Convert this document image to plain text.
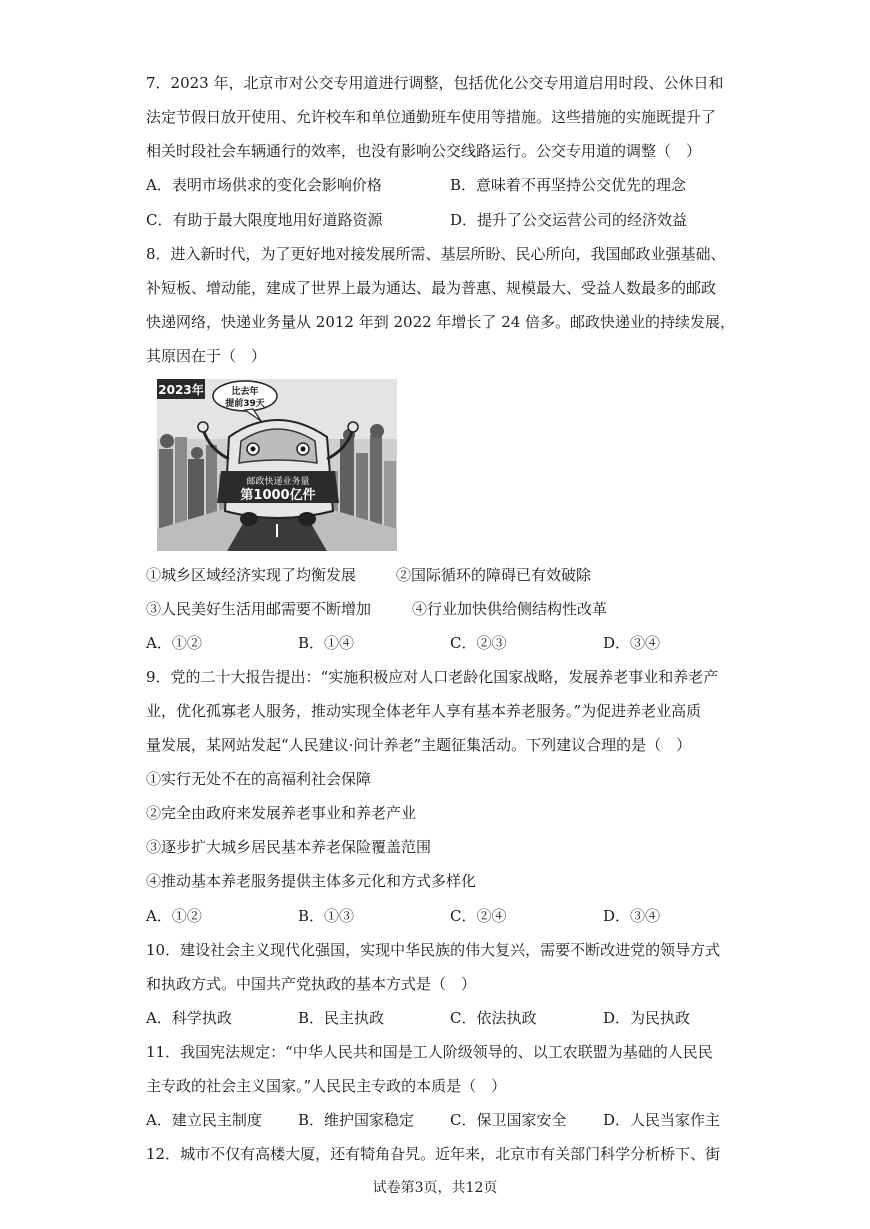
7．2023 年，北京市对公交专用道进行调整，包括优化公交专用道启用时段、公休日和
法定节假日放开使用、允许校车和单位通勤班车使用等措施。这些措施的实施既提升了
相关时段社会车辆通行的效率，也没有影响公交线路运行。公交专用道的调整（　）
A．表明市场供求的变化会影响价格	B．意味着不再坚持公交优先的理念
C．有助于最大限度地用好道路资源	D．提升了公交运营公司的经济效益
8．进入新时代，为了更好地对接发展所需、基层所盼、民心所向，我国邮政业强基础、
补短板、增动能，建成了世界上最为通达、最为普惠、规模最大、受益人数最多的邮政
快递网络，快递业务量从 2012 年到 2022 年增长了 24 倍多。邮政快递业的持续发展，
其原因在于（　）
邮政快递业务量
第1000亿件
2023年	比去年
提前39天
①城乡区域经济实现了均衡发展	②国际循环的障碍已有效破除
③人民美好生活用邮需要不断增加	④行业加快供给侧结构性改革
A．①②	B．①④	C．②③	D．③④
9．党的二十大报告提出：“实施积极应对人口老龄化国家战略，发展养老事业和养老产
业，优化孤寡老人服务，推动实现全体老年人享有基本养老服务。”为促进养老业高质
量发展，某网站发起“人民建议·问计养老”主题征集活动。下列建议合理的是（　）
①实行无处不在的高福利社会保障
②完全由政府来发展养老事业和养老产业
③逐步扩大城乡居民基本养老保险覆盖范围
④推动基本养老服务提供主体多元化和方式多样化
A．①②	B．①③	C．②④	D．③④
10．建设社会主义现代化强国，实现中华民族的伟大复兴，需要不断改进党的领导方式
和执政方式。中国共产党执政的基本方式是（　）
A．科学执政	B．民主执政	C．依法执政	D．为民执政
11．我国宪法规定：“中华人民共和国是工人阶级领导的、以工农联盟为基础的人民民
主专政的社会主义国家。”人民民主专政的本质是（　）
A．建立民主制度 B．维护国家稳定 C．保卫国家安全 D．人民当家作主
12．城市不仅有高楼大厦，还有犄角旮旯。近年来，北京市有关部门科学分析桥下、街
试卷第3页，共12页
